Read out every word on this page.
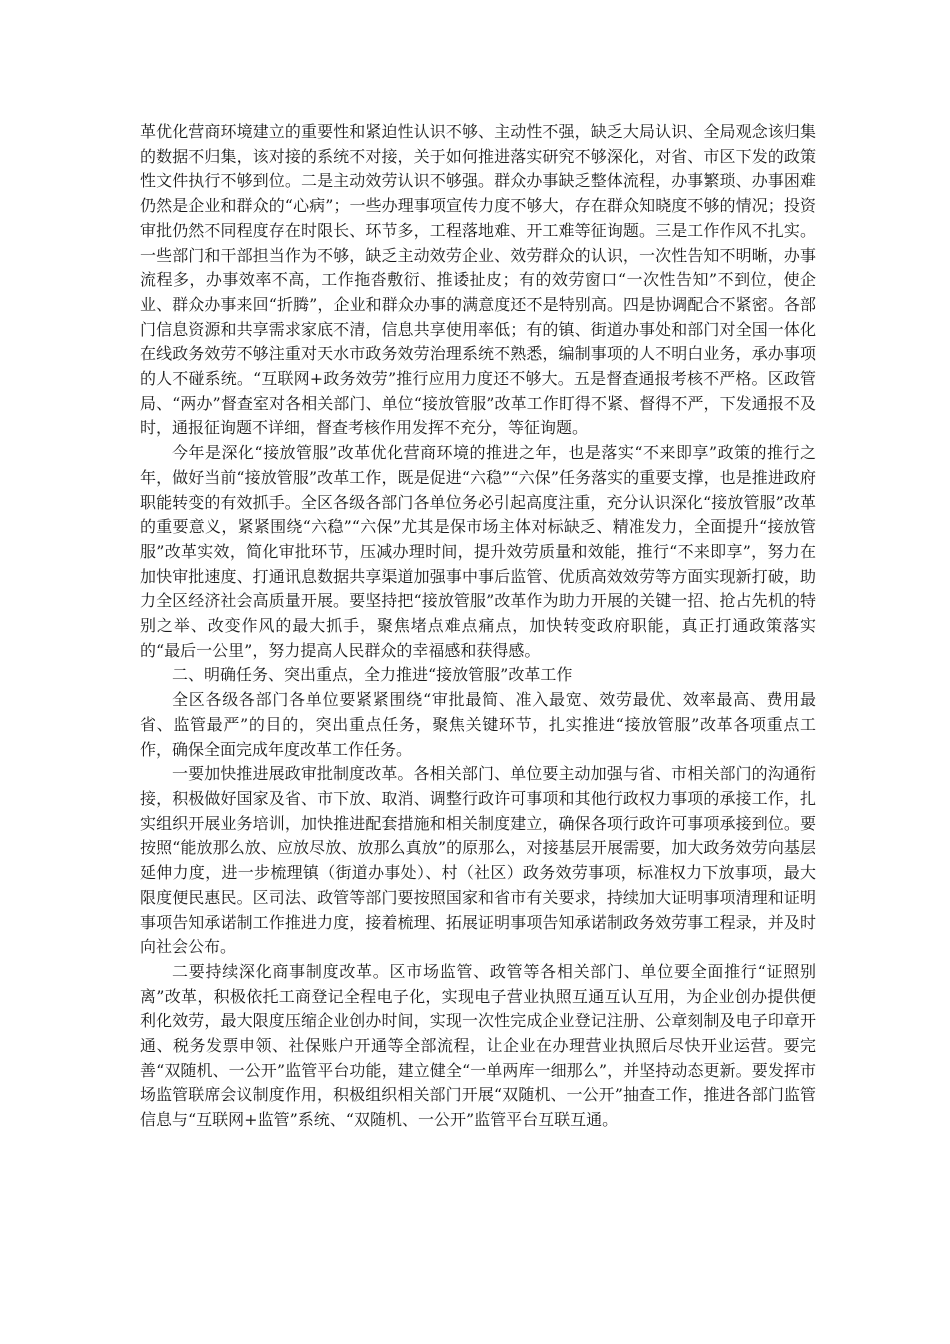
革优化营商环境建立的重要性和紧迫性认识不够、主动性不强，缺乏大局认识、全局观念该归集的数据不归集，该对接的系统不对接，关于如何推进落实研究不够深化，对省、市区下发的政策性文件执行不够到位。二是主动效劳认识不够强。群众办事缺乏整体流程，办事繁琐、办事困难仍然是企业和群众的“心病”；一些办理事项宣传力度不够大，存在群众知晓度不够的情况；投资审批仍然不同程度存在时限长、环节多，工程落地难、开工难等征询题。三是工作作风不扎实。一些部门和干部担当作为不够，缺乏主动效劳企业、效劳群众的认识，一次性告知不明晰，办事流程多，办事效率不高，工作拖沓敷衍、推诿扯皮；有的效劳窗口“一次性告知”不到位，使企业、群众办事来回“折腾”，企业和群众办事的满意度还不是特别高。四是协调配合不紧密。各部门信息资源和共享需求家底不清，信息共享使用率低；有的镇、街道办事处和部门对全国一体化在线政务效劳不够注重对天水市政务效劳治理系统不熟悉，编制事项的人不明白业务，承办事项的人不碰系统。“互联网+政务效劳”推行应用力度还不够大。五是督查通报考核不严格。区政管局、“两办”督查室对各相关部门、单位“接放管服”改革工作盯得不紧、督得不严，下发通报不及时，通报征询题不详细，督查考核作用发挥不充分，等征询题。

今年是深化“接放管服”改革优化营商环境的推进之年，也是落实“不来即享”政策的推行之年，做好当前“接放管服”改革工作，既是促进“六稳”“六保”任务落实的重要支撑，也是推进政府职能转变的有效抓手。全区各级各部门各单位务必引起高度注重，充分认识深化“接放管服”改革的重要意义，紧紧围绕“六稳”“六保”尤其是保市场主体对标缺乏、精准发力，全面提升“接放管服”改革实效，简化审批环节，压减办理时间，提升效劳质量和效能，推行“不来即享”，努力在加快审批速度、打通讯息数据共享渠道加强事中事后监管、优质高效效劳等方面实现新打破，助力全区经济社会高质量开展。要坚持把“接放管服”改革作为助力开展的关键一招、抢占先机的特别之举、改变作风的最大抓手，聚焦堵点难点痛点，加快转变政府职能，真正打通政策落实的“最后一公里”，努力提高人民群众的幸福感和获得感。

二、明确任务、突出重点，全力推进“接放管服”改革工作

全区各级各部门各单位要紧紧围绕“审批最简、准入最宽、效劳最优、效率最高、费用最省、监管最严”的目的，突出重点任务，聚焦关键环节，扎实推进“接放管服”改革各项重点工作，确保全面完成年度改革工作任务。

一要加快推进展政审批制度改革。各相关部门、单位要主动加强与省、市相关部门的沟通衔接，积极做好国家及省、市下放、取消、调整行政许可事项和其他行政权力事项的承接工作，扎实组织开展业务培训，加快推进配套措施和相关制度建立，确保各项行政许可事项承接到位。要按照“能放那么放、应放尽放、放那么真放”的原那么，对接基层开展需要，加大政务效劳向基层延伸力度，进一步梳理镇（街道办事处）、村（社区）政务效劳事项，标准权力下放事项，最大限度便民惠民。区司法、政管等部门要按照国家和省市有关要求，持续加大证明事项清理和证明事项告知承诺制工作推进力度，接着梳理、拓展证明事项告知承诺制政务效劳事工程录，并及时向社会公布。

二要持续深化商事制度改革。区市场监管、政管等各相关部门、单位要全面推行“证照别离”改革，积极依托工商登记全程电子化，实现电子营业执照互通互认互用，为企业创办提供便利化效劳，最大限度压缩企业创办时间，实现一次性完成企业登记注册、公章刻制及电子印章开通、税务发票申领、社保账户开通等全部流程，让企业在办理营业执照后尽快开业运营。要完善“双随机、一公开”监管平台功能，建立健全“一单两库一细那么”，并坚持动态更新。要发挥市场监管联席会议制度作用，积极组织相关部门开展“双随机、一公开”抽查工作，推进各部门监管信息与“互联网+监管”系统、“双随机、一公开”监管平台互联互通。
